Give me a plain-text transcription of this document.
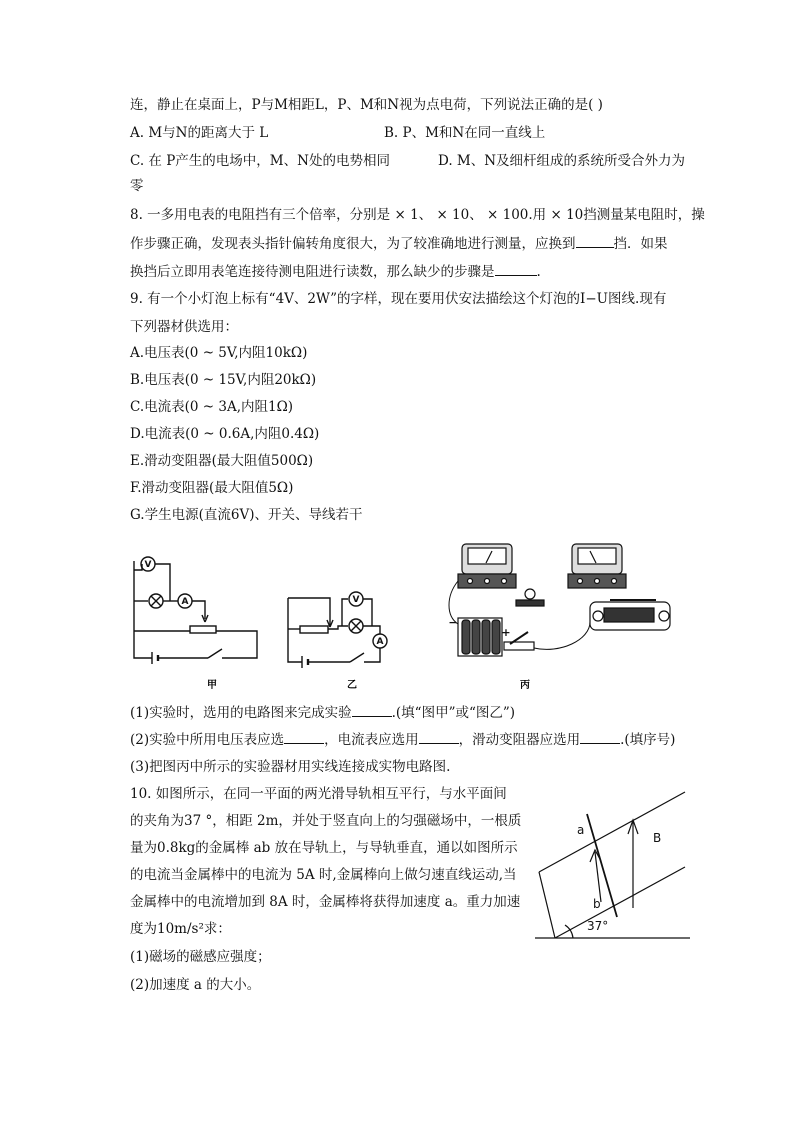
连，静止在桌面上，P与M相距L，P、M和N视为点电荷，下列说法正确的是( )
A. M与N的距离大于 L	B. P、M和N在同一直线上
C. 在 P产生的电场中，M、N处的电势相同	D. M、N及细杆组成的系统所受合外力为
零
8. 一多用电表的电阻挡有三个倍率，分别是 × 1、 × 10、 × 100.用 × 10挡测量某电阻时，操
作步骤正确，发现表头指针偏转角度很大，为了较准确地进行测量，应换到	挡．如果
换挡后立即用表笔连接待测电阻进行读数，那么缺少的步骤是	.
9. 有一个小灯泡上标有“4V、2W”的字样，现在要用伏安法描绘这个灯泡的I−U图线.现有
下列器材供选用：
A.电压表(0 ~ 5V,内阻10kΩ)
B.电压表(0 ~ 15V,内阻20kΩ)
C.电流表(0 ~ 3A,内阻1Ω)
D.电流表(0 ~ 0.6A,内阻0.4Ω)
E.滑动变阻器(最大阻值500Ω)
F.滑动变阻器(最大阻值5Ω)
G.学生电源(直流6V)、开关、导线若干
V
A
甲
V
A
乙
−
+
丙
(1)实验时，选用的电路图来完成实验	.(填“图甲”或“图乙”)
(2)实验中所用电压表应选	，电流表应选用	，滑动变阻器应选用	.(填序号)
(3)把图丙中所示的实验器材用实线连接成实物电路图.
10. 如图所示，在同一平面的两光滑导轨相互平行，与水平面间
的夹角为37 °，相距 2m，并处于竖直向上的匀强磁场中，一根质
量为0.8kg的金属棒 ab 放在导轨上，与导轨垂直，通以如图所示
的电流当金属棒中的电流为 5A 时,金属棒向上做匀速直线运动,当
金属棒中的电流增加到 8A 时，金属棒将获得加速度 a。重力加速
度为10m/s²求：
(1)磁场的磁感应强度；
(2)加速度 a 的大小。
a
b
B
37°
